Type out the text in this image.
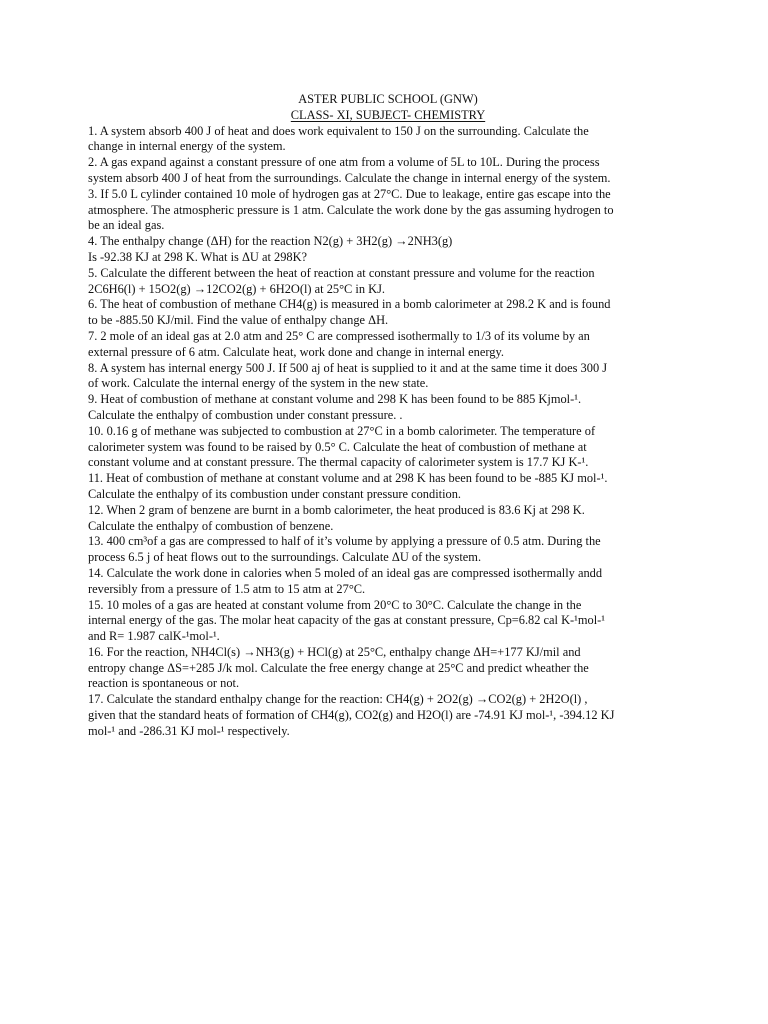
ASTER PUBLIC SCHOOL (GNW)

CLASS- XI, SUBJECT- CHEMISTRY

1. A system absorb 400 J of heat and does work equivalent to 150 J on the surrounding. Calculate the
change in internal energy of the system.

2. A gas expand against a constant pressure of one atm from a volume of 5L to 10L. During the process
system absorb 400 J of heat from the surroundings. Calculate the change in internal energy of the system.

3. If 5.0 L cylinder contained 10 mole of hydrogen gas at 27°C. Due to leakage, entire gas escape into the
atmosphere. The atmospheric pressure is 1 atm. Calculate the work done by the gas assuming hydrogen to
be an ideal gas.

4. The enthalpy change (ΔH) for the reaction N2(g) + 3H2(g) →2NH3(g)
Is -92.38 KJ at 298 K. What is ΔU at 298K?

5. Calculate the different between the heat of reaction at constant pressure and volume for the reaction
2C6H6(l) + 15O2(g) →12CO2(g) + 6H2O(l) at 25°C in KJ.

6. The heat of combustion of methane CH4(g) is measured in a bomb calorimeter at 298.2 K and is found
to be -885.50 KJ/mil. Find the value of enthalpy change ΔH.

7. 2 mole of an ideal gas at 2.0 atm and 25° C are compressed isothermally to 1/3 of its volume by an
external pressure of 6 atm. Calculate heat, work done and change in internal energy.

8. A system has internal energy 500 J. If 500 aj of heat is supplied to it and at the same time it does 300 J
of work. Calculate the internal energy of the system in the new state.

9. Heat of combustion of methane at constant volume and 298 K has been found to be 885 Kjmol-¹.
Calculate the enthalpy of combustion under constant pressure. .

10. 0.16 g of methane was subjected to combustion at 27°C in a bomb calorimeter. The temperature of
calorimeter system was found to be raised by 0.5° C. Calculate the heat of combustion of methane at
constant volume and at constant pressure. The thermal capacity of calorimeter system is 17.7 KJ K-¹.

11. Heat of combustion of methane at constant volume and at 298 K has been found to be -885 KJ mol-¹.
Calculate the enthalpy of its combustion under constant pressure condition.

12. When 2 gram of benzene are burnt in a bomb calorimeter, the heat produced is 83.6 Kj at 298 K.
Calculate the enthalpy of combustion of benzene.

13. 400 cm³of a gas are compressed to half of it’s volume by applying a pressure of 0.5 atm. During the
process 6.5 j of heat flows out to the surroundings. Calculate ΔU of the system.

14. Calculate the work done in calories when 5 moled of an ideal gas are compressed isothermally andd
reversibly from a pressure of 1.5 atm to 15 atm at 27°C.

15. 10 moles of a gas are heated at constant volume from 20°C to 30°C. Calculate the change in the
internal energy of the gas. The molar heat capacity of the gas at constant pressure, Cp=6.82 cal K-¹mol-¹
and R= 1.987 calK-¹mol-¹.

16. For the reaction, NH4Cl(s) →NH3(g) + HCl(g) at 25°C, enthalpy change ΔH=+177 KJ/mil and
entropy change ΔS=+285 J/k mol. Calculate the free energy change at 25°C and predict wheather the
reaction is spontaneous or not.

17. Calculate the standard enthalpy change for the reaction: CH4(g) + 2O2(g) →CO2(g) + 2H2O(l) ,
given that the standard heats of formation of CH4(g), CO2(g) and H2O(l) are -74.91 KJ mol-¹, -394.12 KJ
mol-¹ and -286.31 KJ mol-¹ respectively.
